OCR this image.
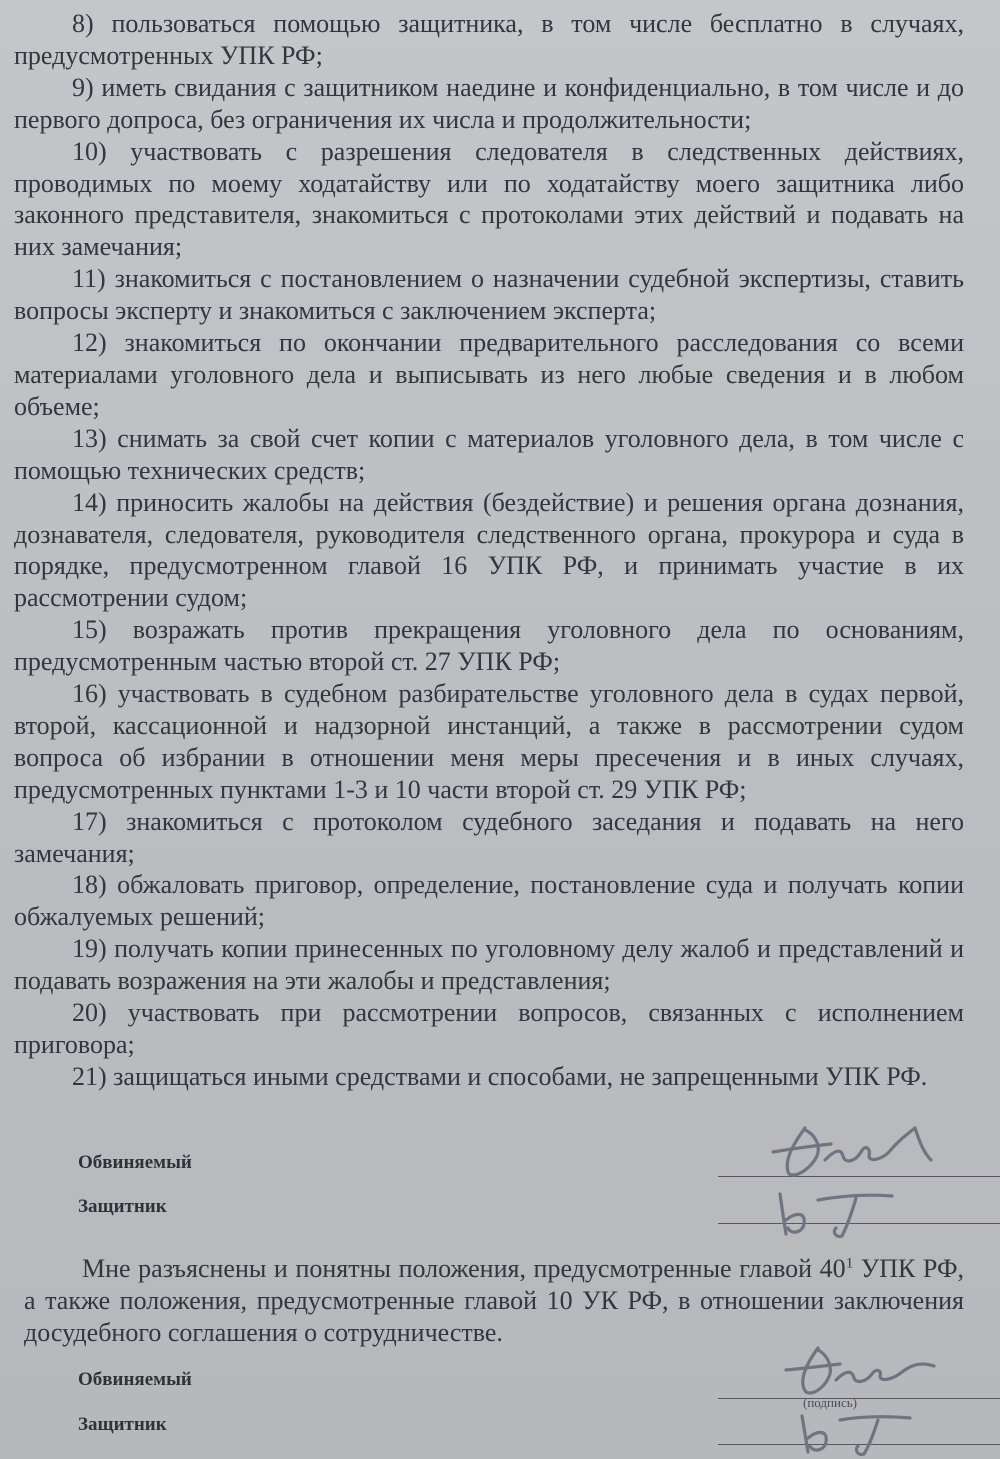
8) пользоваться помощью защитника, в том числе бесплатно в случаях, предусмотренных УПК РФ;

9) иметь свидания с защитником наедине и конфиденциально, в том числе и до первого допроса, без ограничения их числа и продолжительности;

10) участвовать с разрешения следователя в следственных действиях, проводимых по моему ходатайству или по ходатайству моего защитника либо законного представителя, знакомиться с протоколами этих действий и подавать на них замечания;

11) знакомиться с постановлением о назначении судебной экспертизы, ставить вопросы эксперту и знакомиться с заключением эксперта;

12) знакомиться по окончании предварительного расследования со всеми материалами уголовного дела и выписывать из него любые сведения и в любом объеме;

13) снимать за свой счет копии с материалов уголовного дела, в том числе с помощью технических средств;

14) приносить жалобы на действия (бездействие) и решения органа дознания, дознавателя, следователя, руководителя следственного органа, прокурора и суда в порядке, предусмотренном главой 16 УПК РФ, и принимать участие в их рассмотрении судом;

15) возражать против прекращения уголовного дела по основаниям, предусмотренным частью второй ст. 27 УПК РФ;

16) участвовать в судебном разбирательстве уголовного дела в судах первой, второй, кассационной и надзорной инстанций, а также в рассмотрении судом вопроса об избрании в отношении меня меры пресечения и в иных случаях, предусмотренных пунктами 1-3 и 10 части второй ст. 29 УПК РФ;

17) знакомиться с протоколом судебного заседания и подавать на него замечания;

18) обжаловать приговор, определение, постановление суда и получать копии обжалуемых решений;

19) получать копии принесенных по уголовному делу жалоб и представлений и подавать возражения на эти жалобы и представления;

20) участвовать при рассмотрении вопросов, связанных с исполнением приговора;

21) защищаться иными средствами и способами, не запрещенными УПК РФ.

Обвиняемый
Защитник

Мне разъяснены и понятны положения, предусмотренные главой $40^1$ УПК РФ, а также положения, предусмотренные главой 10 УК РФ, в отношении заключения досудебного соглашения о сотрудничестве.

Обвиняемый
(подпись)
Защитник
